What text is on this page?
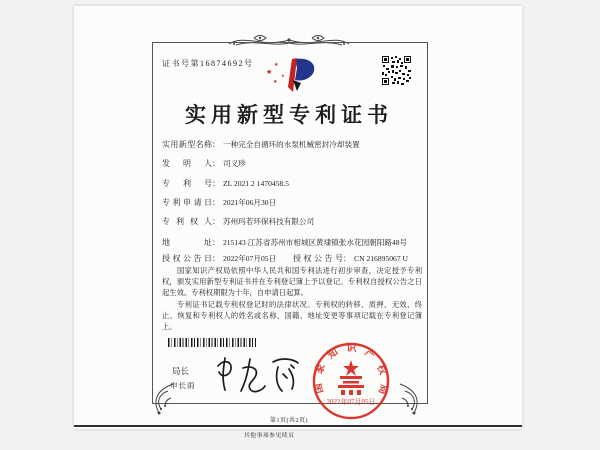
证书号第16874692号
★
★
★
★
实用新型专利证书
实用新型名称： 一种完全自循环的水泵机械密封冷却装置
发明人： 司义珍
专利号： ZL 2021 2 1470458.5
专利申请日： 2021年06月30日
专利权人： 苏州玛若环保科技有限公司
地址： 215143 江苏省苏州市相城区黄埭镇张水花园朝阳路48号
授权公告日： 2022年07月05日 授权公告号： CN 216895067 U

国家知识产权局依照中华人民共和国专利法进行初步审查，决定授予专利权，颁发实用新型专利证书并在专利登记簿上予以登记。专利权自授权公告之日起生效。专利权期限为十年，自申请日起算。

专利证书记载专利权登记时的法律状况。专利权的转移、质押、无效、终止、恢复和专利权人的姓名或名称、国籍、地址变更等事项记载在专利登记簿上。

局长
申长雨	国家知识产权局
2022年07月05日
第1页(共2页)
其他事项参见续页
